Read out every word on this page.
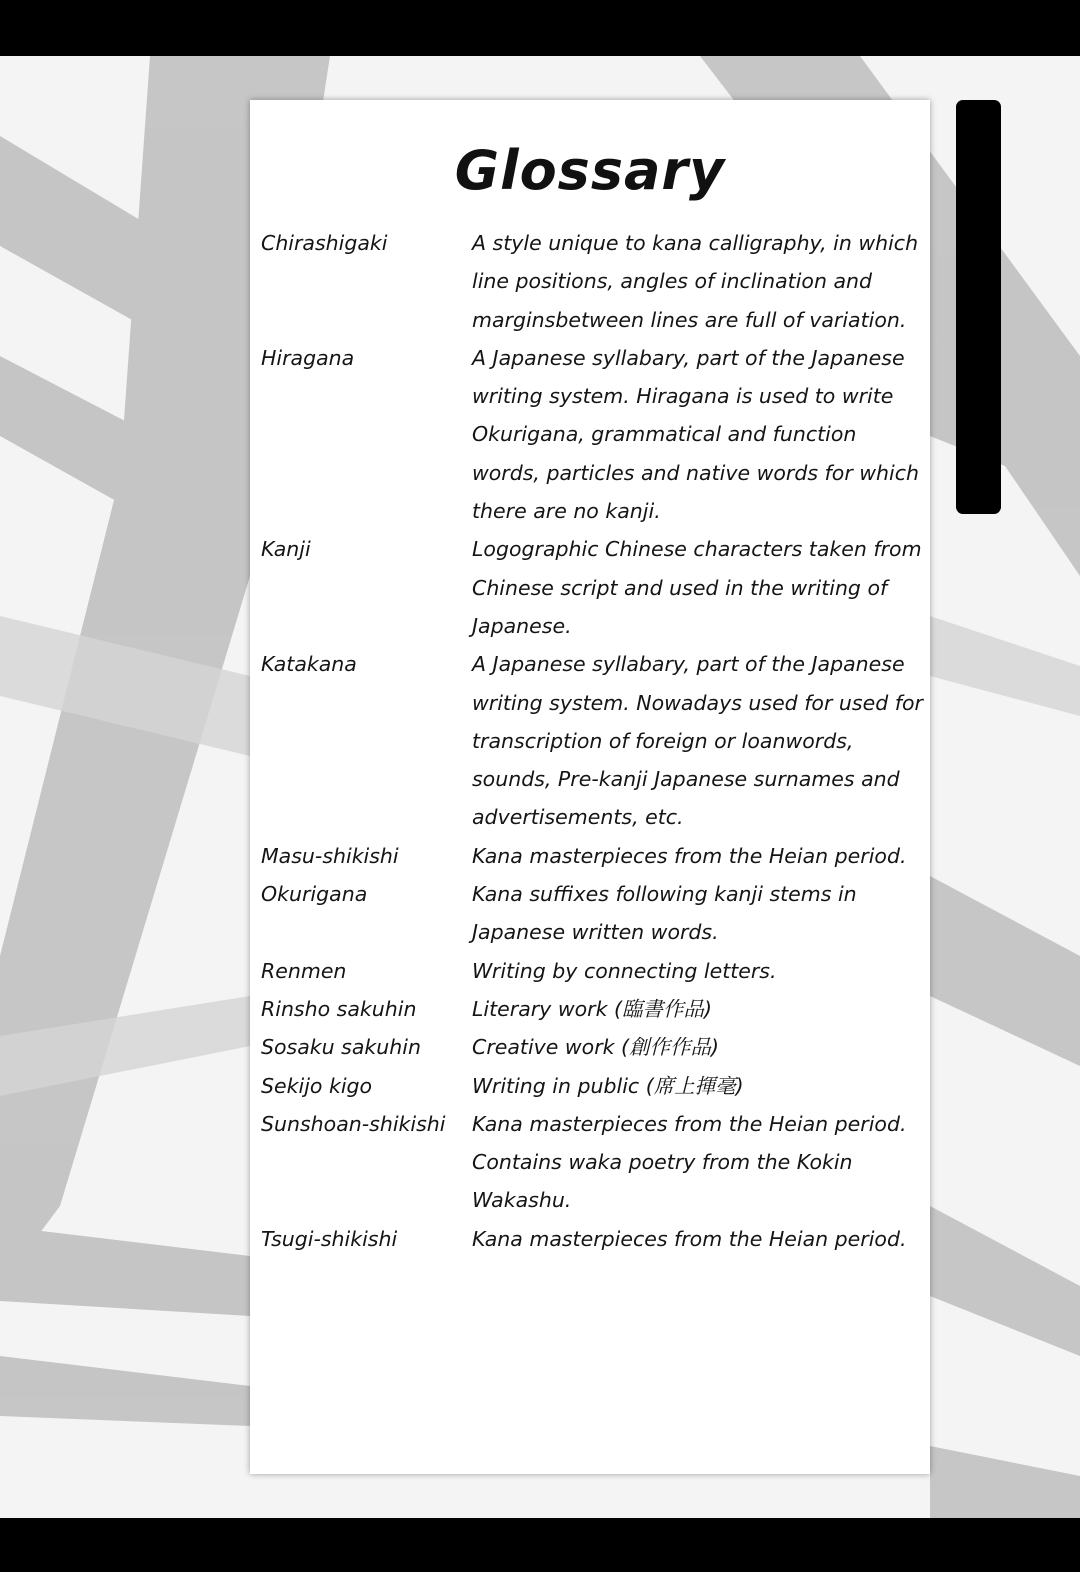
Glossary
Chirashigaki	A style unique to kana calligraphy, in which line positions, angles of inclination and marginsbetween lines are full of variation.
Hiragana	A Japanese syllabary, part of the Japanese writing system. Hiragana is used to write Okurigana, grammatical and function words, particles and native words for which there are no kanji.
Kanji	Logographic Chinese characters taken from Chinese script and used in the writing of Japanese.
Katakana	A Japanese syllabary, part of the Japanese writing system. Nowadays used for used for transcription of foreign or loanwords, sounds, Pre-kanji Japanese surnames and advertisements, etc.
Masu-shikishi	Kana masterpieces from the Heian period.
Okurigana	Kana suffixes following kanji stems in Japanese written words.
Renmen	Writing by connecting letters.
Rinsho sakuhin	Literary work (臨書作品)
Sosaku sakuhin	Creative work (創作作品)
Sekijo kigo	Writing in public (席上揮毫)
Sunshoan-shikishi	Kana masterpieces from the Heian period. Contains waka poetry from the Kokin Wakashu.
Tsugi-shikishi	Kana masterpieces from the Heian period.
